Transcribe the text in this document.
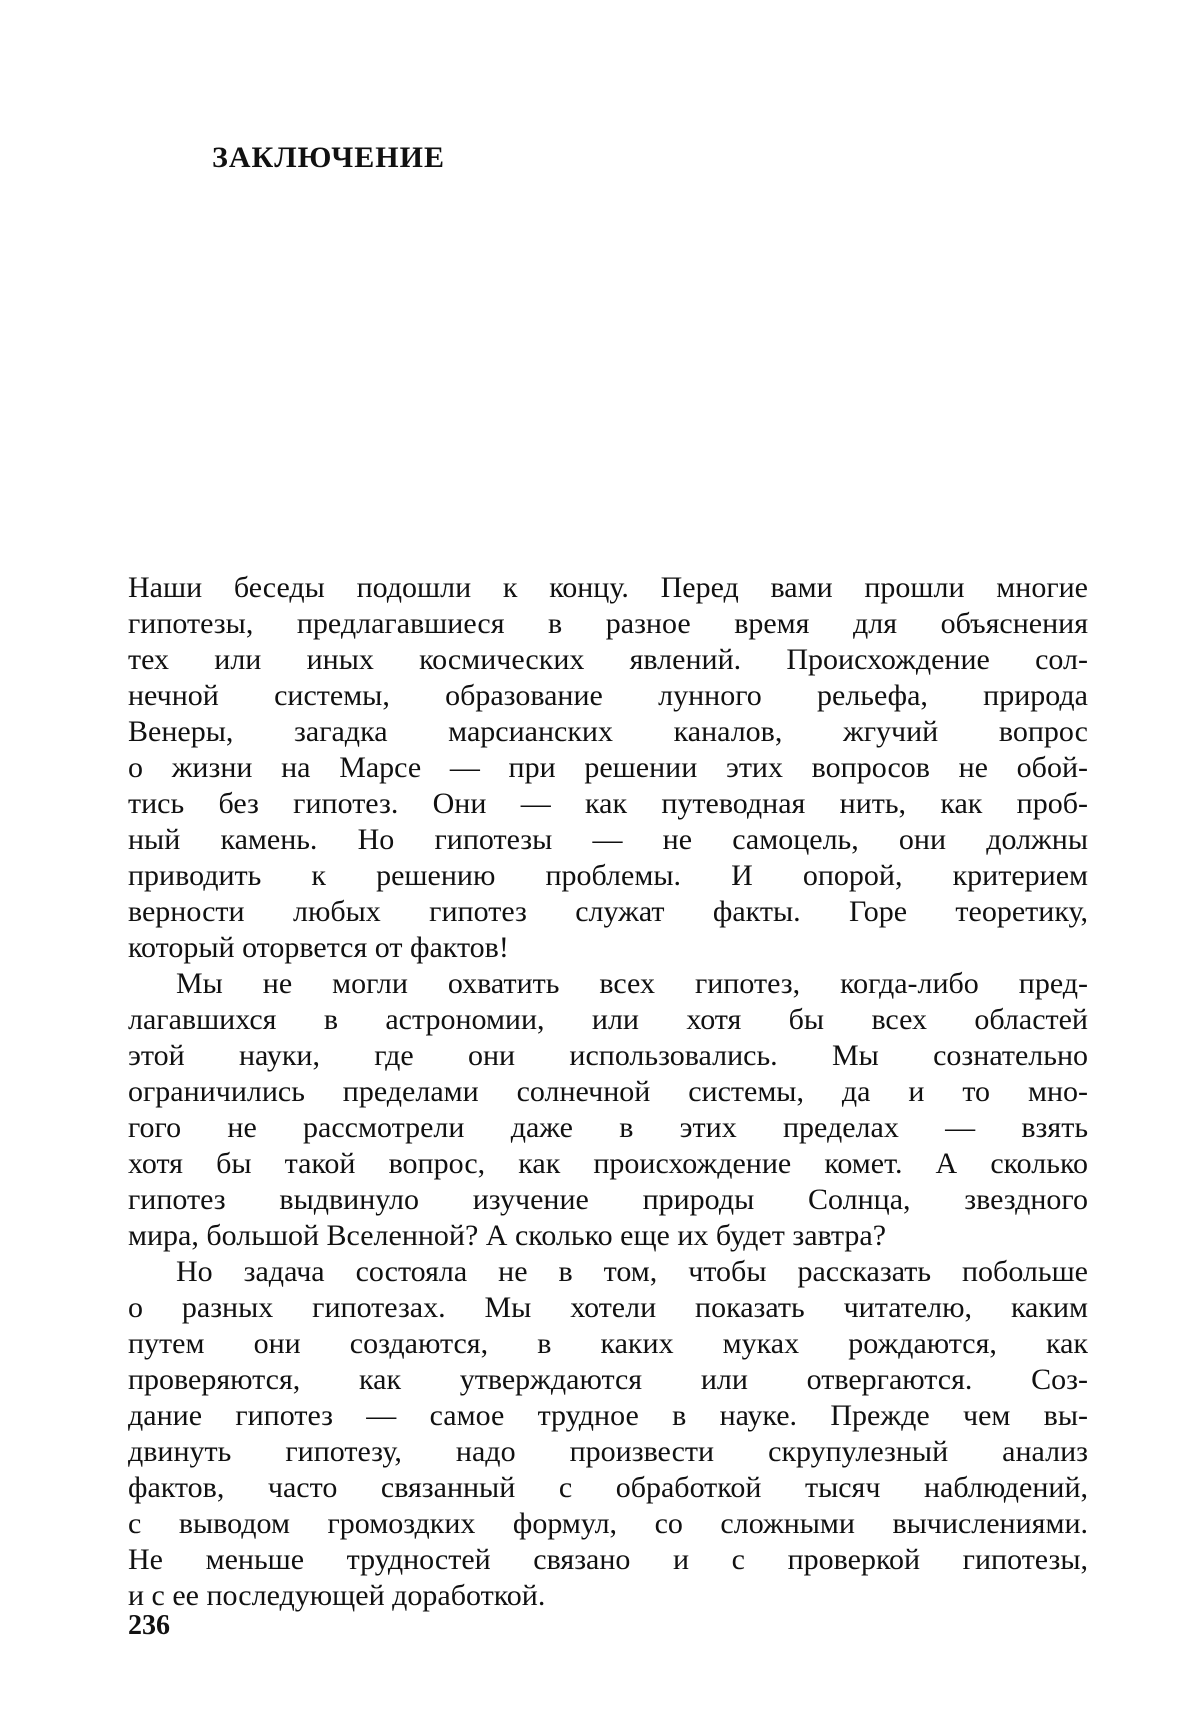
ЗАКЛЮЧЕНИЕ
Наши беседы подошли к концу. Перед вами прошли многие
гипотезы, предлагавшиеся в разное время для объяснения
тех или иных космических явлений. Происхождение сол-
нечной системы, образование лунного рельефа, природа
Венеры, загадка марсианских каналов, жгучий вопрос
о жизни на Марсе — при решении этих вопросов не обой-
тись без гипотез. Они — как путеводная нить, как проб-
ный камень. Но гипотезы — не самоцель, они должны
приводить к решению проблемы. И опорой, критерием
верности любых гипотез служат факты. Горе теоретику,
который оторвется от фактов!
Мы не могли охватить всех гипотез, когда-либо пред-
лагавшихся в астрономии, или хотя бы всех областей
этой науки, где они использовались. Мы сознательно
ограничились пределами солнечной системы, да и то мно-
гого не рассмотрели даже в этих пределах — взять
хотя бы такой вопрос, как происхождение комет. А сколько
гипотез выдвинуло изучение природы Солнца, звездного
мира, большой Вселенной? А сколько еще их будет завтра?
Но задача состояла не в том, чтобы рассказать побольше
о разных гипотезах. Мы хотели показать читателю, каким
путем они создаются, в каких муках рождаются, как
проверяются, как утверждаются или отвергаются. Соз-
дание гипотез — самое трудное в науке. Прежде чем вы-
двинуть гипотезу, надо произвести скрупулезный анализ
фактов, часто связанный с обработкой тысяч наблюдений,
с выводом громоздких формул, со сложными вычислениями.
Не меньше трудностей связано и с проверкой гипотезы,
и с ее последующей доработкой.
236
